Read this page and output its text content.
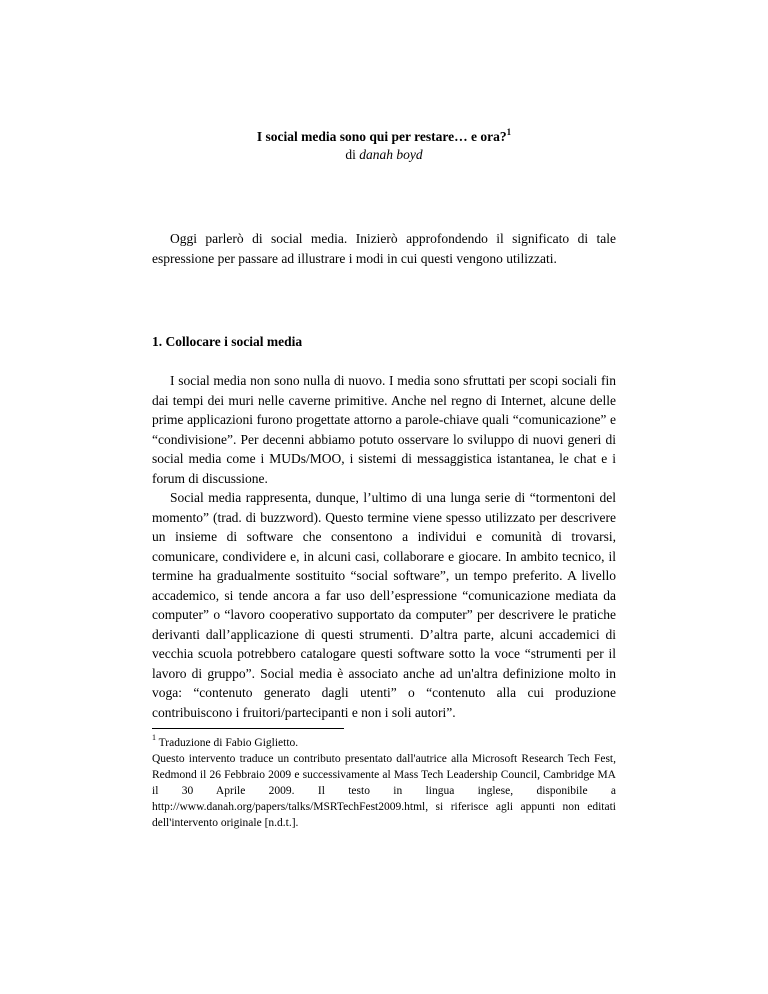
I social media sono qui per restare… e ora?$^1$

di danah boyd

Oggi parlerò di social media. Inizierò approfondendo il significato di tale espressione per passare ad illustrare i modi in cui questi vengono utilizzati.

1. Collocare i social media

I social media non sono nulla di nuovo. I media sono sfruttati per scopi sociali fin dai tempi dei muri nelle caverne primitive. Anche nel regno di Internet, alcune delle prime applicazioni furono progettate attorno a parole-chiave quali “comunicazione” e “condivisione”. Per decenni abbiamo potuto osservare lo sviluppo di nuovi generi di social media come i MUDs/MOO, i sistemi di messaggistica istantanea, le chat e i forum di discussione.

Social media rappresenta, dunque, l’ultimo di una lunga serie di “tormentoni del momento” (trad. di buzzword). Questo termine viene spesso utilizzato per descrivere un insieme di software che consentono a individui e comunità di trovarsi, comunicare, condividere e, in alcuni casi, collaborare e giocare. In ambito tecnico, il termine ha gradualmente sostituito “social software”, un tempo preferito. A livello accademico, si tende ancora a far uso dell’espressione “comunicazione mediata da computer” o “lavoro cooperativo supportato da computer” per descrivere le pratiche derivanti dall’applicazione di questi strumenti. D’altra parte, alcuni accademici di vecchia scuola potrebbero catalogare questi software sotto la voce “strumenti per il lavoro di gruppo”. Social media è associato anche ad un'altra definizione molto in voga: “contenuto generato dagli utenti” o “contenuto alla cui produzione contribuiscono i fruitori/partecipanti e non i soli autori”.

$^1$ Traduzione di Fabio Giglietto.

Questo intervento traduce un contributo presentato dall'autrice alla Microsoft Research Tech Fest, Redmond il 26 Febbraio 2009 e successivamente al Mass Tech Leadership Council, Cambridge MA il 30 Aprile 2009. Il testo in lingua inglese, disponibile a http://www.danah.org/papers/talks/MSRTechFest2009.html, si riferisce agli appunti non editati dell'intervento originale [n.d.t.].
